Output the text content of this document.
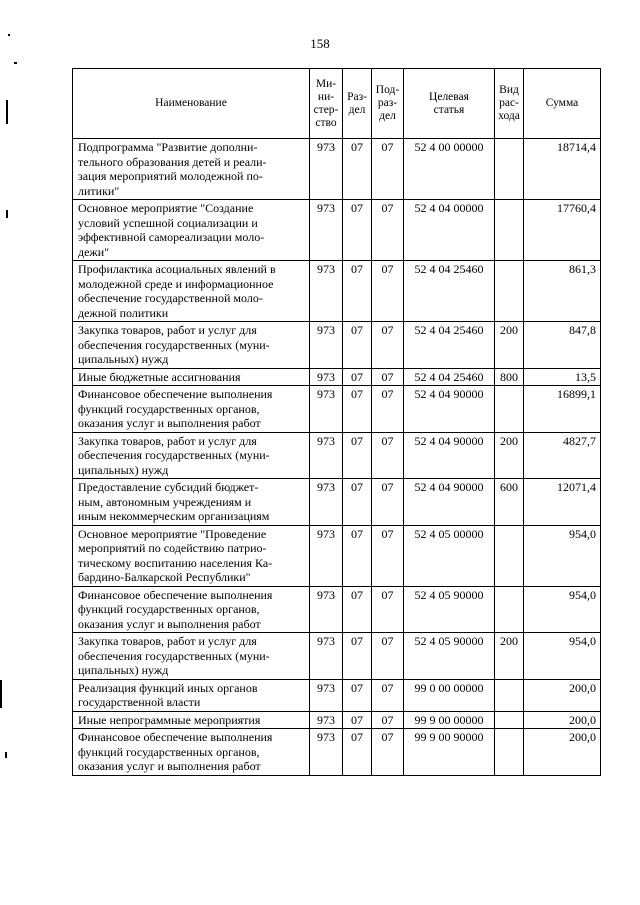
158
Наименование	Ми-
ни-
стер-
ство	Раз-
дел	Под-
раз-
дел	Целевая
статья	Вид
рас-
хода	Сумма
Подпрограмма "Развитие дополни-
тельного образования детей и реали-
зация мероприятий молодежной по-
литики"	973	07	07	52 4 00 00000		18714,4
Основное мероприятие "Создание
условий успешной социализации и
эффективной самореализации моло-
дежи"	973	07	07	52 4 04 00000		17760,4
Профилактика асоциальных явлений в
молодежной среде и информационное
обеспечение государственной моло-
дежной политики	973	07	07	52 4 04 25460		861,3
Закупка товаров, работ и услуг для
обеспечения государственных (муни-
ципальных) нужд	973	07	07	52 4 04 25460	200	847,8
Иные бюджетные ассигнования	973	07	07	52 4 04 25460	800	13,5
Финансовое обеспечение выполнения
функций государственных органов,
оказания услуг и выполнения работ	973	07	07	52 4 04 90000		16899,1
Закупка товаров, работ и услуг для
обеспечения государственных (муни-
ципальных) нужд	973	07	07	52 4 04 90000	200	4827,7
Предоставление субсидий бюджет-
ным, автономным учреждениям и
иным некоммерческим организациям	973	07	07	52 4 04 90000	600	12071,4
Основное мероприятие "Проведение
мероприятий по содействию патрио-
тическому воспитанию населения Ка-
бардино-Балкарской Республики"	973	07	07	52 4 05 00000		954,0
Финансовое обеспечение выполнения
функций государственных органов,
оказания услуг и выполнения работ	973	07	07	52 4 05 90000		954,0
Закупка товаров, работ и услуг для
обеспечения государственных (муни-
ципальных) нужд	973	07	07	52 4 05 90000	200	954,0
Реализация функций иных органов
государственной власти	973	07	07	99 0 00 00000		200,0
Иные непрограммные мероприятия	973	07	07	99 9 00 00000		200,0
Финансовое обеспечение выполнения
функций государственных органов,
оказания услуг и выполнения работ	973	07	07	99 9 00 90000		200,0
